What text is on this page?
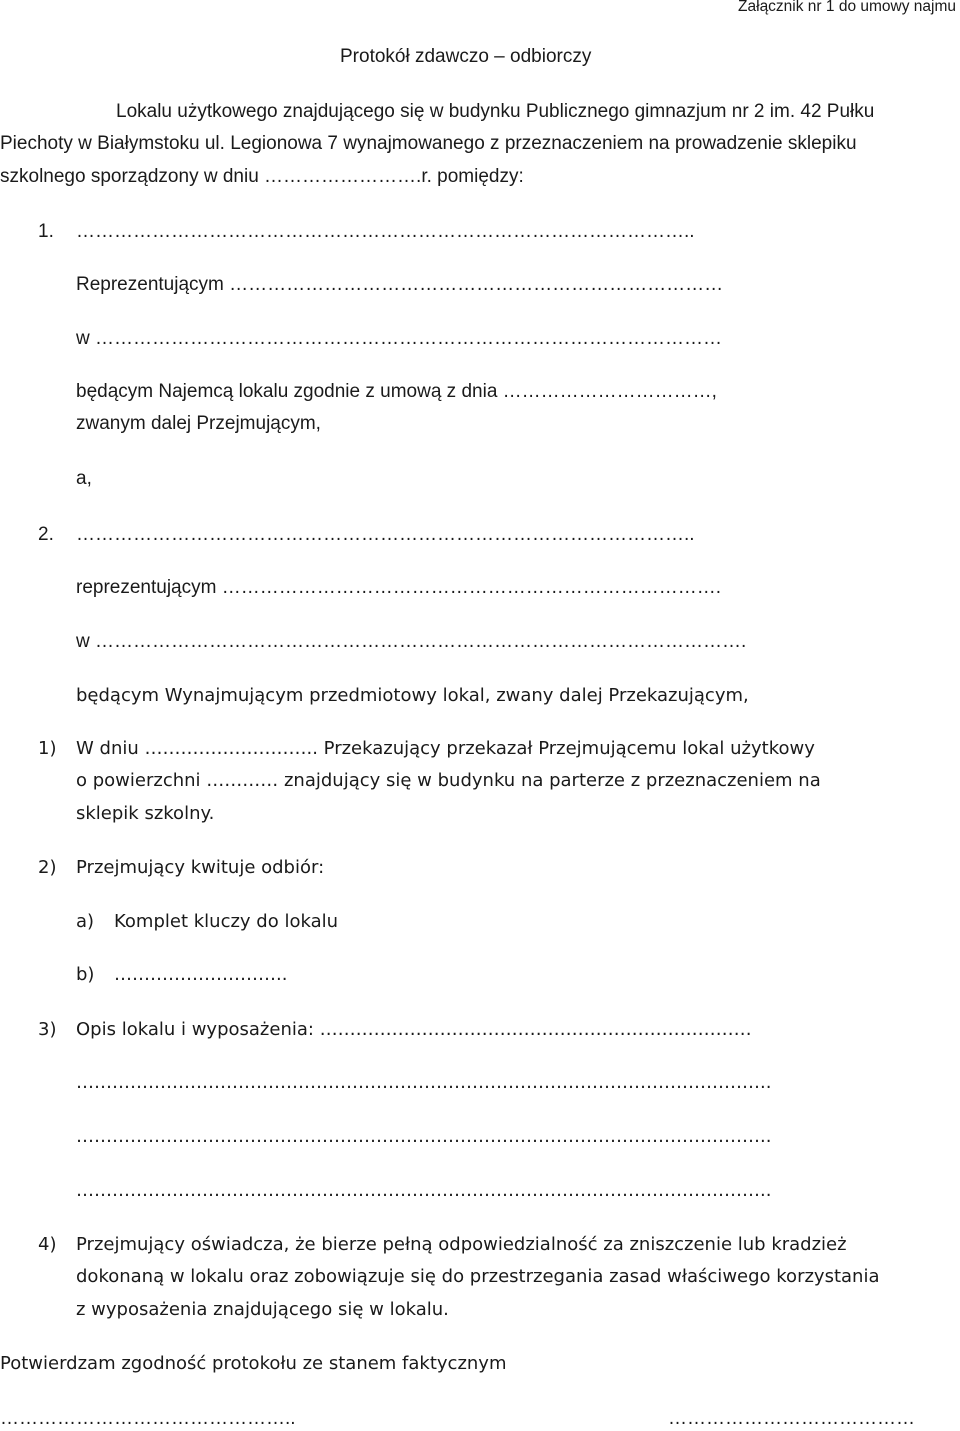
Załącznik nr 1 do umowy najmu
Protokół zdawczo – odbiorczy
Lokalu użytkowego znajdującego się w budynku Publicznego gimnazjum nr 2 im. 42 Pułku
Piechoty w Białymstoku ul. Legionowa 7 wynajmowanego z przeznaczeniem na prowadzenie sklepiku
szkolnego sporządzony w dniu …………………….r. pomiędzy:
1. ……………………………………………………………………………………..
Reprezentującym ……………………………………………………………………
w ………………………………………………………………………………………
będącym Najemcą lokalu zgodnie z umową z dnia ……………………………,
zwanym dalej Przejmującym,
a,
2. ……………………………………………………………………………………..
reprezentującym …………………………………………………………………….
w ………………………………………………………………………………………….
będącym Wynajmującym przedmiotowy lokal, zwany dalej Przekazującym,
1) W dniu ……………………….. Przekazujący przekazał Przejmującemu lokal użytkowy
o powierzchni ………… znajdujący się w budynku na parterze z przeznaczeniem na
sklepik szkolny.
2) Przejmujący kwituje odbiór:
a) Komplet kluczy do lokalu
b) ………………………..
3) Opis lokalu i wyposażenia: ………………………………………………………………
……………………………………………………………………………………………………..
……………………………………………………………………………………………………..
……………………………………………………………………………………………………..
4) Przejmujący oświadcza, że bierze pełną odpowiedzialność za zniszczenie lub kradzież
dokonaną w lokalu oraz zobowiązuje się do przestrzegania zasad właściwego korzystania
z wyposażenia znajdującego się w lokalu.
Potwierdzam zgodność protokołu ze stanem faktycznym
………………………………………..	…………………………………
